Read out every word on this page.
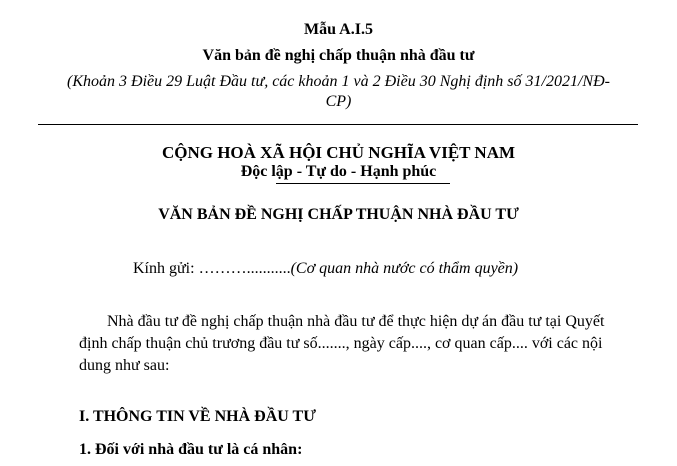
Mẫu A.I.5
Văn bản đề nghị chấp thuận nhà đầu tư
(Khoản 3 Điều 29 Luật Đầu tư, các khoản 1 và 2 Điều 30 Nghị định số 31/2021/NĐ-
CP)
CỘNG HOÀ XÃ HỘI CHỦ NGHĨA VIỆT NAM
Độc lập - Tự do - Hạnh phúc
VĂN BẢN ĐỀ NGHỊ CHẤP THUẬN NHÀ ĐẦU TƯ
Kính gửi: ………...........(Cơ quan nhà nước có thẩm quyền)
Nhà đầu tư đề nghị chấp thuận nhà đầu tư để thực hiện dự án đầu tư tại Quyết
định chấp thuận chủ trương đầu tư số......., ngày cấp...., cơ quan cấp.... với các nội
dung như sau:
I. THÔNG TIN VỀ NHÀ ĐẦU TƯ
1. Đối với nhà đầu tư là cá nhân:
